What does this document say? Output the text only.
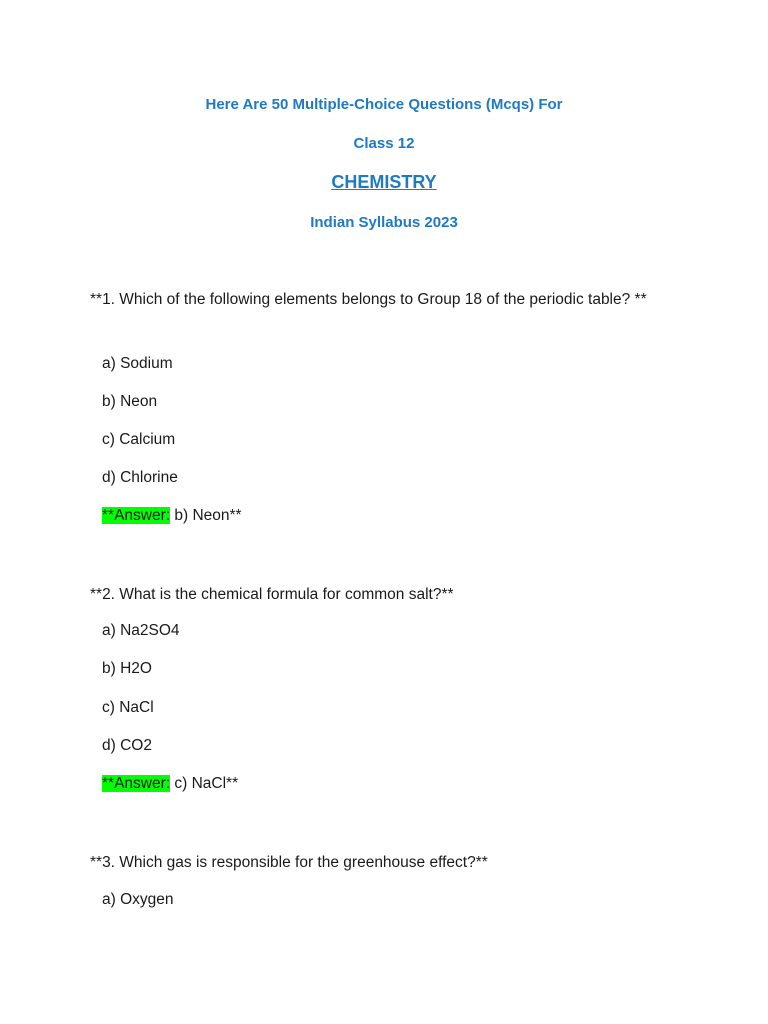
Here Are 50 Multiple-Choice Questions (Mcqs) For
Class 12
CHEMISTRY
Indian Syllabus 2023
**1. Which of the following elements belongs to Group 18 of the periodic table? **
a) Sodium
b) Neon
c) Calcium
d) Chlorine
**Answer: b) Neon**
**2. What is the chemical formula for common salt?**
a) Na2SO4
b) H2O
c) NaCl
d) CO2
**Answer: c) NaCl**
**3. Which gas is responsible for the greenhouse effect?**
a) Oxygen
